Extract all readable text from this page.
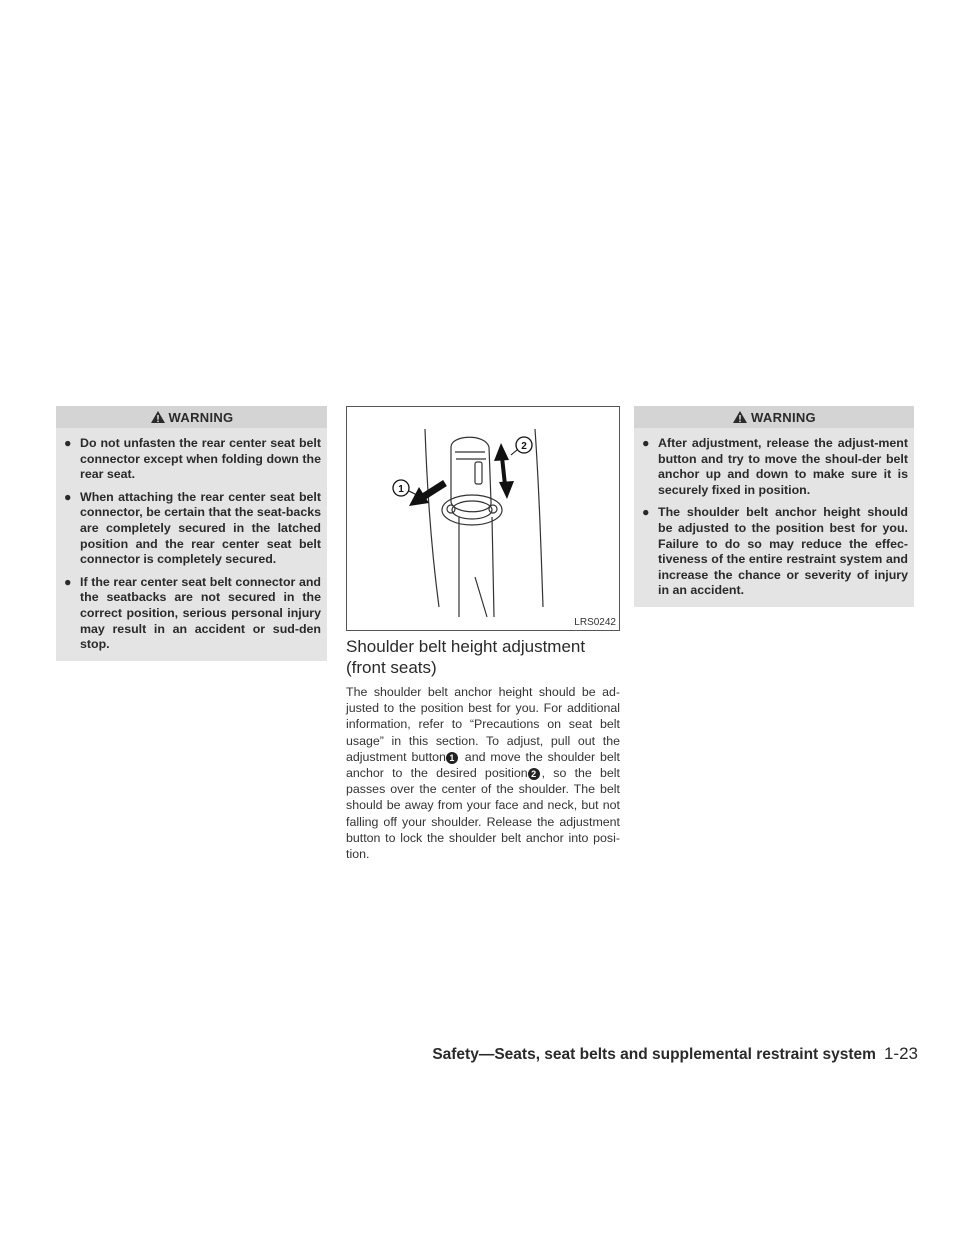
WARNING
● Do not unfasten the rear center seat belt connector except when folding down the rear seat.
● When attaching the rear center seat belt connector, be certain that the seat-backs are completely secured in the latched position and the rear center seat belt connector is completely secured.
● If the rear center seat belt connector and the seatbacks are not secured in the correct position, serious personal injury may result in an accident or sud-den stop.
1
2
LRS0242
Shoulder belt height adjustment (front seats)

The shoulder belt anchor height should be ad-justed to the position best for you. For additional information, refer to “Precautions on seat belt usage” in this section. To adjust, pull out the adjustment button 1 and move the shoulder belt anchor to the desired position 2 , so the belt passes over the center of the shoulder. The belt should be away from your face and neck, but not falling off your shoulder. Release the adjustment button to lock the shoulder belt anchor into posi-tion.

WARNING
● After adjustment, release the adjust-ment button and try to move the shoul-der belt anchor up and down to make sure it is securely fixed in position.
● The shoulder belt anchor height should be adjusted to the position best for you. Failure to do so may reduce the effec-tiveness of the entire restraint system and increase the chance or severity of injury in an accident.
Safety—Seats, seat belts and supplemental restraint system 1-23
